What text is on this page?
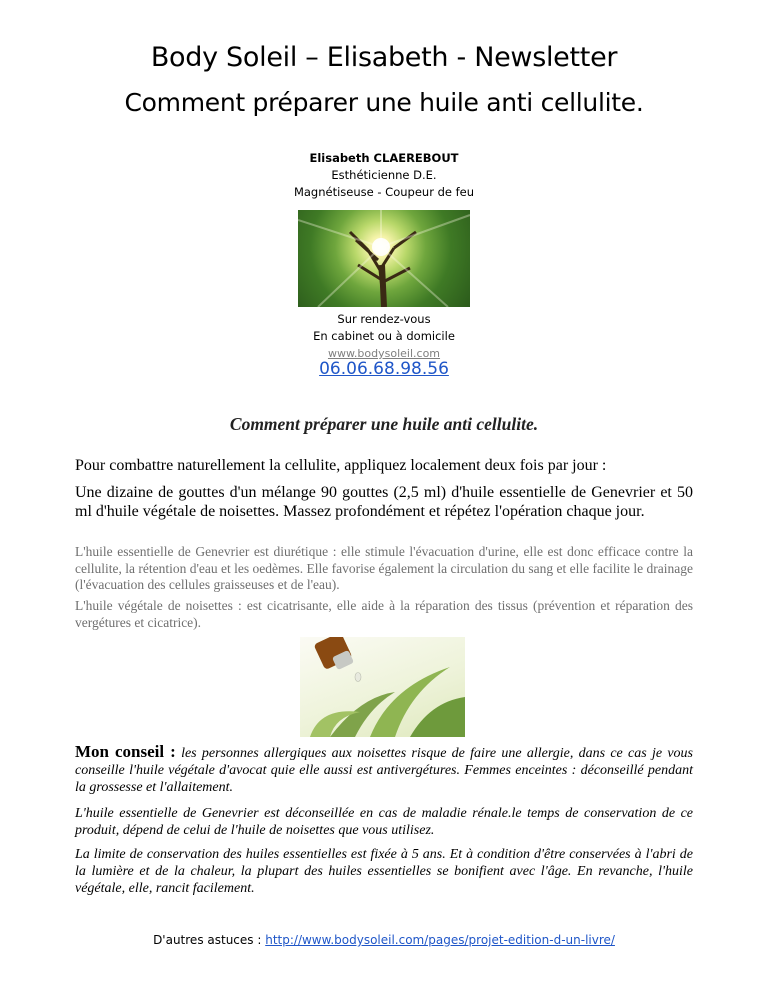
Body Soleil – Elisabeth - Newsletter
Comment préparer une huile anti cellulite.
Elisabeth CLAEREBOUT
Esthéticienne D.E.
Magnétiseuse - Coupeur de feu
Sur rendez-vous
En cabinet ou à domicile
www.bodysoleil.com
06.06.68.98.56
Comment préparer une huile anti cellulite.
Pour combattre naturellement la cellulite, appliquez localement deux fois par jour :
Une dizaine de gouttes d'un mélange 90 gouttes (2,5 ml) d'huile essentielle de Genevrier et 50 ml d'huile végétale de noisettes. Massez profondément et répétez l'opération chaque jour.
L'huile essentielle de Genevrier est diurétique : elle stimule l'évacuation d'urine, elle est donc efficace contre la cellulite, la rétention d'eau et les oedèmes. Elle favorise également la circulation du sang et elle facilite le drainage (l'évacuation des cellules graisseuses et de l'eau).
L'huile végétale de noisettes : est cicatrisante, elle aide à la réparation des tissus (prévention et réparation des vergétures et cicatrice).
Mon conseil : les personnes allergiques aux noisettes risque de faire une allergie, dans ce cas je vous conseille l'huile végétale d'avocat quie elle aussi est antivergétures. Femmes enceintes : déconseillé pendant la grossesse et l'allaitement.
L'huile essentielle de Genevrier est déconseillée en cas de maladie rénale.le temps de conservation de ce produit, dépend de celui de l'huile de noisettes que vous utilisez.
La limite de conservation des huiles essentielles est fixée à 5 ans. Et à condition d'être conservées à l'abri de la lumière et de la chaleur, la plupart des huiles essentielles se bonifient avec l'âge. En revanche, l'huile végétale, elle, rancit facilement.
D'autres astuces : http://www.bodysoleil.com/pages/projet-edition-d-un-livre/
